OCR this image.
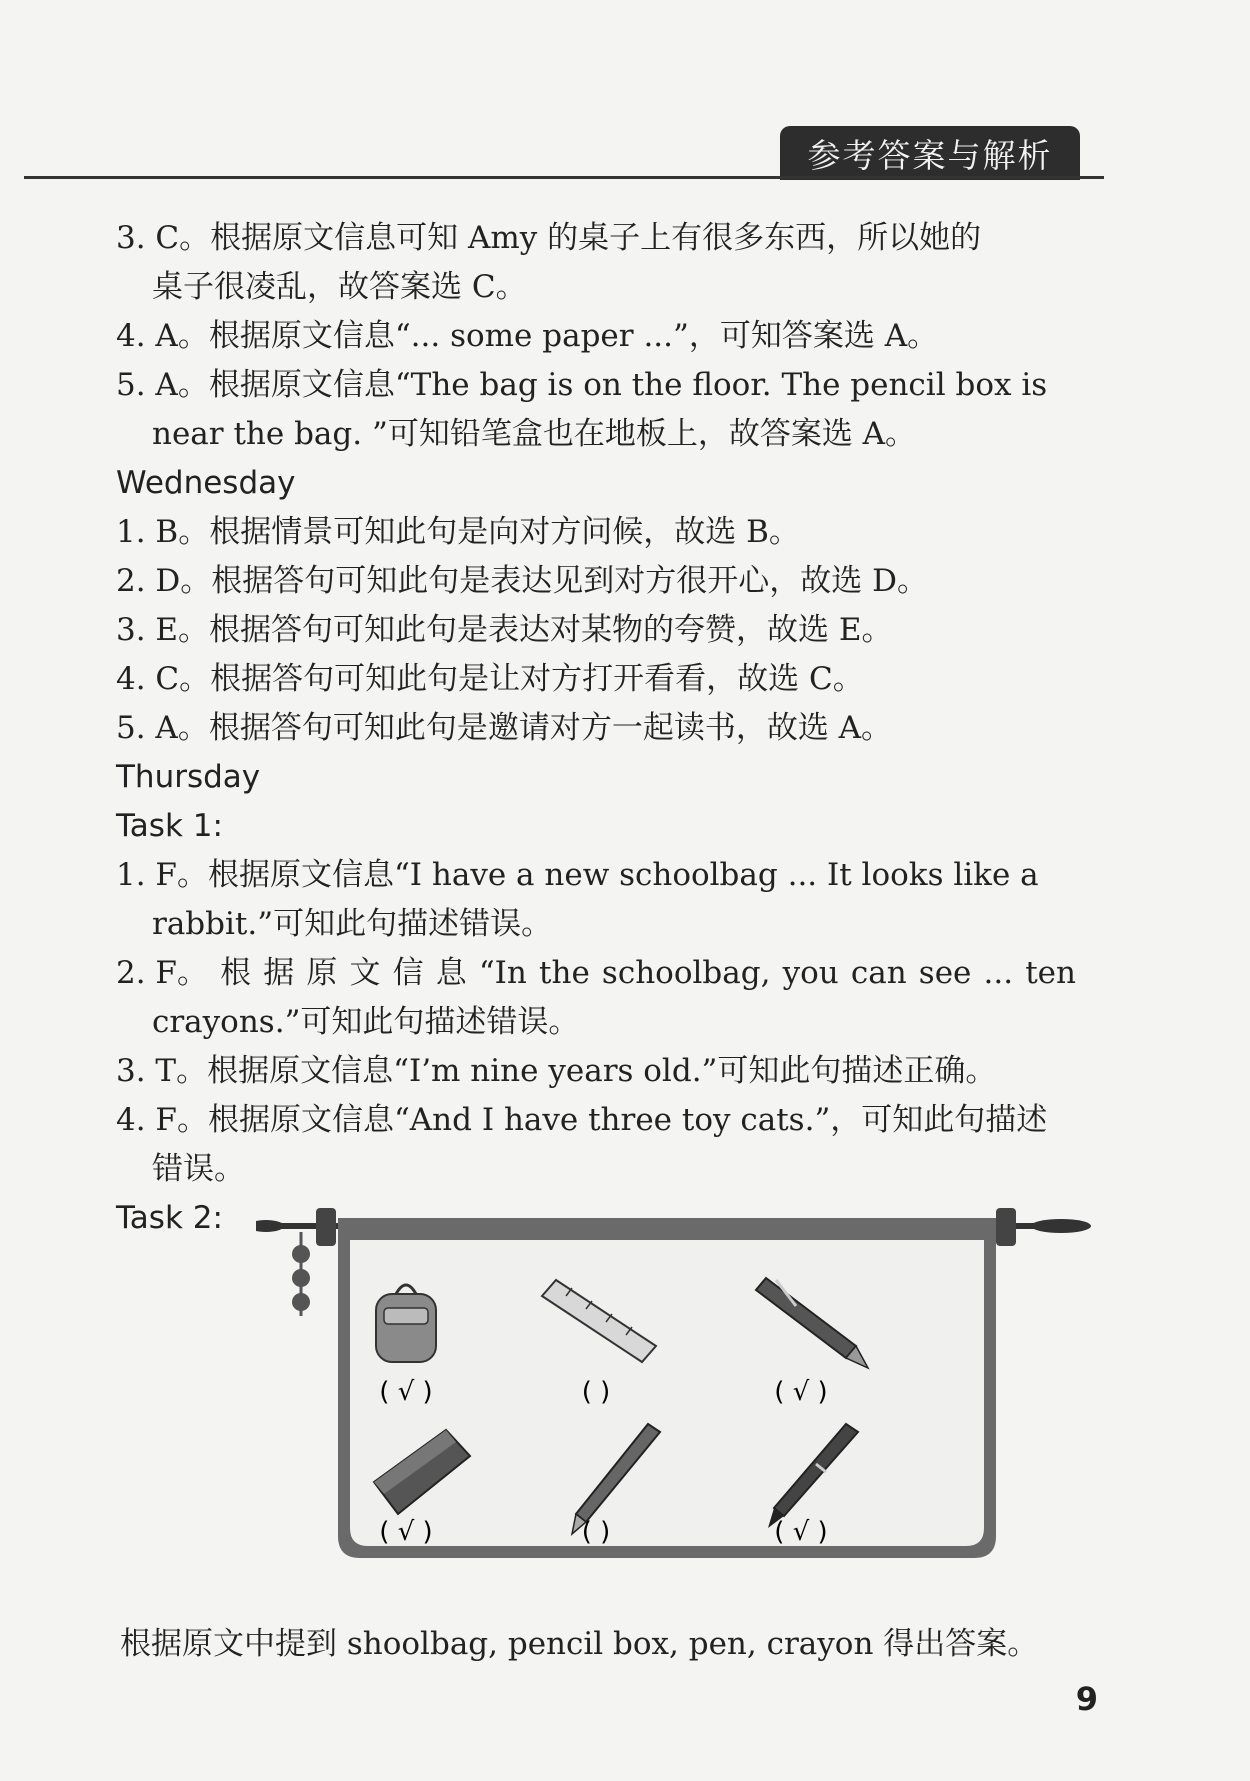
参考答案与解析
3. C。根据原文信息可知 Amy 的桌子上有很多东西，所以她的
桌子很凌乱，故答案选 C。
4. A。根据原文信息“... some paper ...”，可知答案选 A。
5. A。根据原文信息“The bag is on the floor. The pencil box is
near the bag. ”可知铅笔盒也在地板上，故答案选 A。
Wednesday
1. B。根据情景可知此句是向对方问候，故选 B。
2. D。根据答句可知此句是表达见到对方很开心，故选 D。
3. E。根据答句可知此句是表达对某物的夸赞，故选 E。
4. C。根据答句可知此句是让对方打开看看，故选 C。
5. A。根据答句可知此句是邀请对方一起读书，故选 A。
Thursday
Task 1:
1. F。根据原文信息“I have a new schoolbag ... It looks like a
rabbit.”可知此句描述错误。
2. F。 根 据 原 文 信 息 “In the schoolbag, you can see ... ten
crayons.”可知此句描述错误。
3. T。根据原文信息“I’m nine years old.”可知此句描述正确。
4. F。根据原文信息“And I have three toy cats.”，可知此句描述
错误。
Task 2:
( √ )	( )	( √ )
( √ )	( )	( √ )
根据原文中提到 shoolbag, pencil box, pen, crayon 得出答案。
9
